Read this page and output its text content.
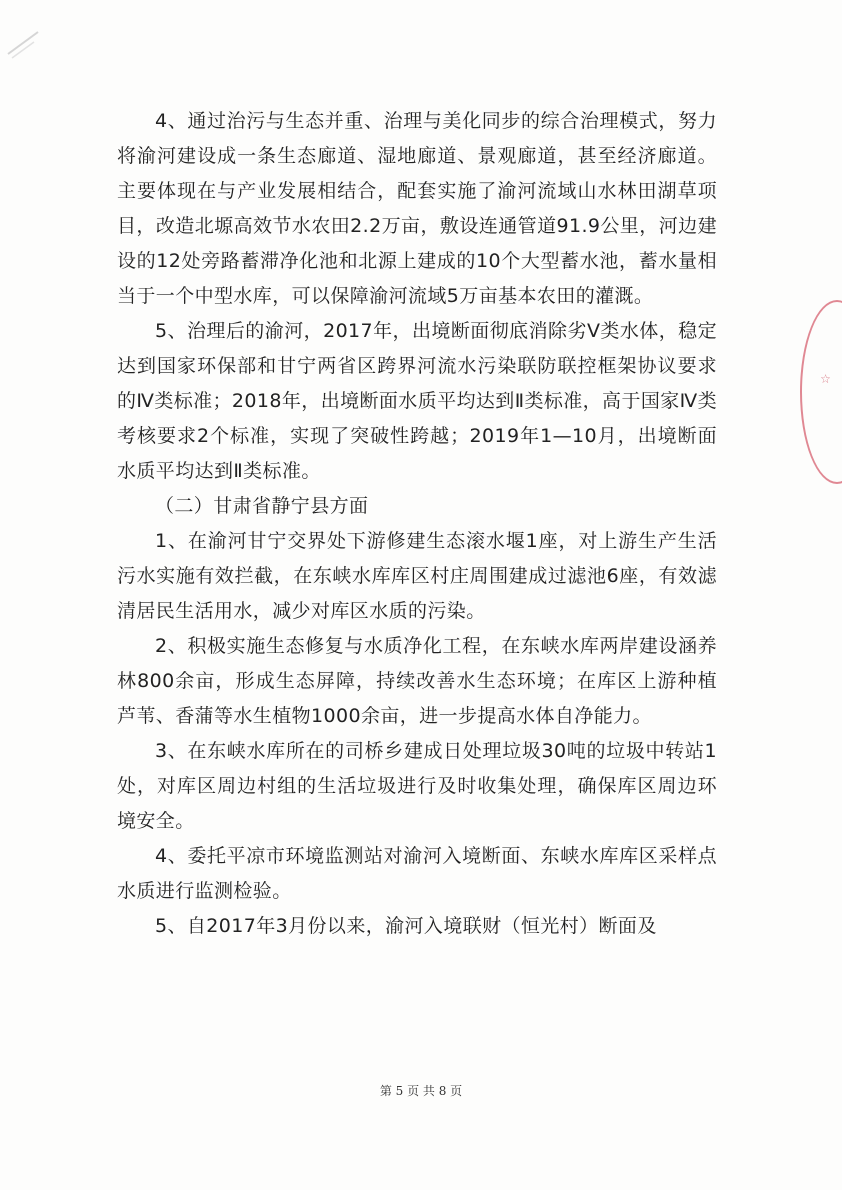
☆

4、通过治污与生态并重、治理与美化同步的综合治理模式，努力将渝河建设成一条生态廊道、湿地廊道、景观廊道，甚至经济廊道。主要体现在与产业发展相结合，配套实施了渝河流域山水林田湖草项目，改造北塬高效节水农田2.2万亩，敷设连通管道91.9公里，河边建设的12处旁路蓄滞净化池和北源上建成的10个大型蓄水池，蓄水量相当于一个中型水库，可以保障渝河流域5万亩基本农田的灌溉。

5、治理后的渝河，2017年，出境断面彻底消除劣V类水体，稳定达到国家环保部和甘宁两省区跨界河流水污染联防联控框架协议要求的Ⅳ类标准；2018年，出境断面水质平均达到Ⅱ类标准，高于国家Ⅳ类考核要求2个标准，实现了突破性跨越；2019年1—10月，出境断面水质平均达到Ⅱ类标准。

（二）甘肃省静宁县方面

1、在渝河甘宁交界处下游修建生态滚水堰1座，对上游生产生活污水实施有效拦截，在东峡水库库区村庄周围建成过滤池6座，有效滤清居民生活用水，减少对库区水质的污染。

2、积极实施生态修复与水质净化工程，在东峡水库两岸建设涵养林800余亩，形成生态屏障，持续改善水生态环境；在库区上游种植芦苇、香蒲等水生植物1000余亩，进一步提高水体自净能力。

3、在东峡水库所在的司桥乡建成日处理垃圾30吨的垃圾中转站1处，对库区周边村组的生活垃圾进行及时收集处理，确保库区周边环境安全。

4、委托平凉市环境监测站对渝河入境断面、东峡水库库区采样点水质进行监测检验。

5、自2017年3月份以来，渝河入境联财（恒光村）断面及

第 5 页 共 8 页
